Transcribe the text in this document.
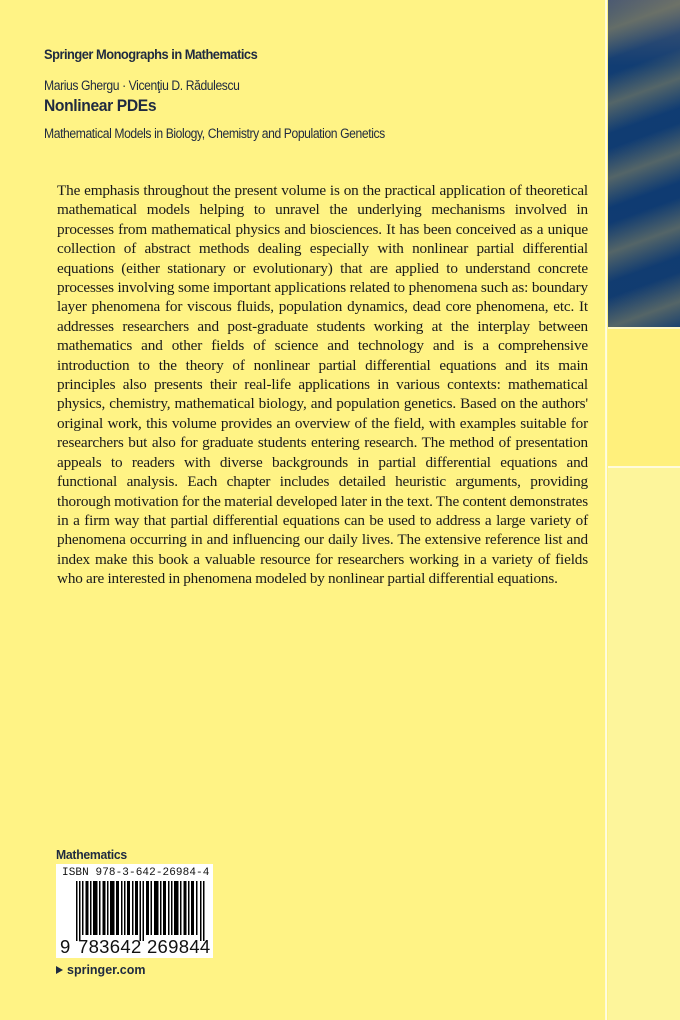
Springer Monographs in Mathematics
Marius Ghergu · Vicenţiu D. Rădulescu
Nonlinear PDEs
Mathematical Models in Biology, Chemistry and Population Genetics

The emphasis throughout the present volume is on the practical application of theoretical mathematical models helping to unravel the underlying mechanisms involved in processes from mathematical physics and biosciences. It has been conceived as a unique collection of abstract methods dealing especially with nonlinear partial differential equations (either stationary or evolutionary) that are applied to understand concrete processes involving some important applications related to phenomena such as: boundary layer phenomena for viscous fluids, population dynamics, dead core phenomena, etc. It addresses researchers and post-graduate students working at the interplay between mathematics and other fields of science and technology and is a comprehensive introduction to the theory of nonlinear partial differential equations and its main principles also presents their real-life applications in various contexts: mathematical physics, chemistry, mathematical biology, and population genetics. Based on the authors' original work, this volume provides an overview of the field, with examples suitable for researchers but also for graduate students entering research. The method of presentation appeals to readers with diverse backgrounds in partial differential equations and functional analysis. Each chapter includes detailed heuristic arguments, providing thorough motivation for the material developed later in the text. The content demonstrates in a firm way that partial differential equations can be used to address a large variety of phenomena occurring in and influencing our daily lives. The extensive reference list and index make this book a valuable resource for researchers working in a variety of fields who are interested in phenomena modeled by nonlinear partial differential equations.

Mathematics
ISBN 978-3-642-26984-4
9 783642 269844
springer.com
